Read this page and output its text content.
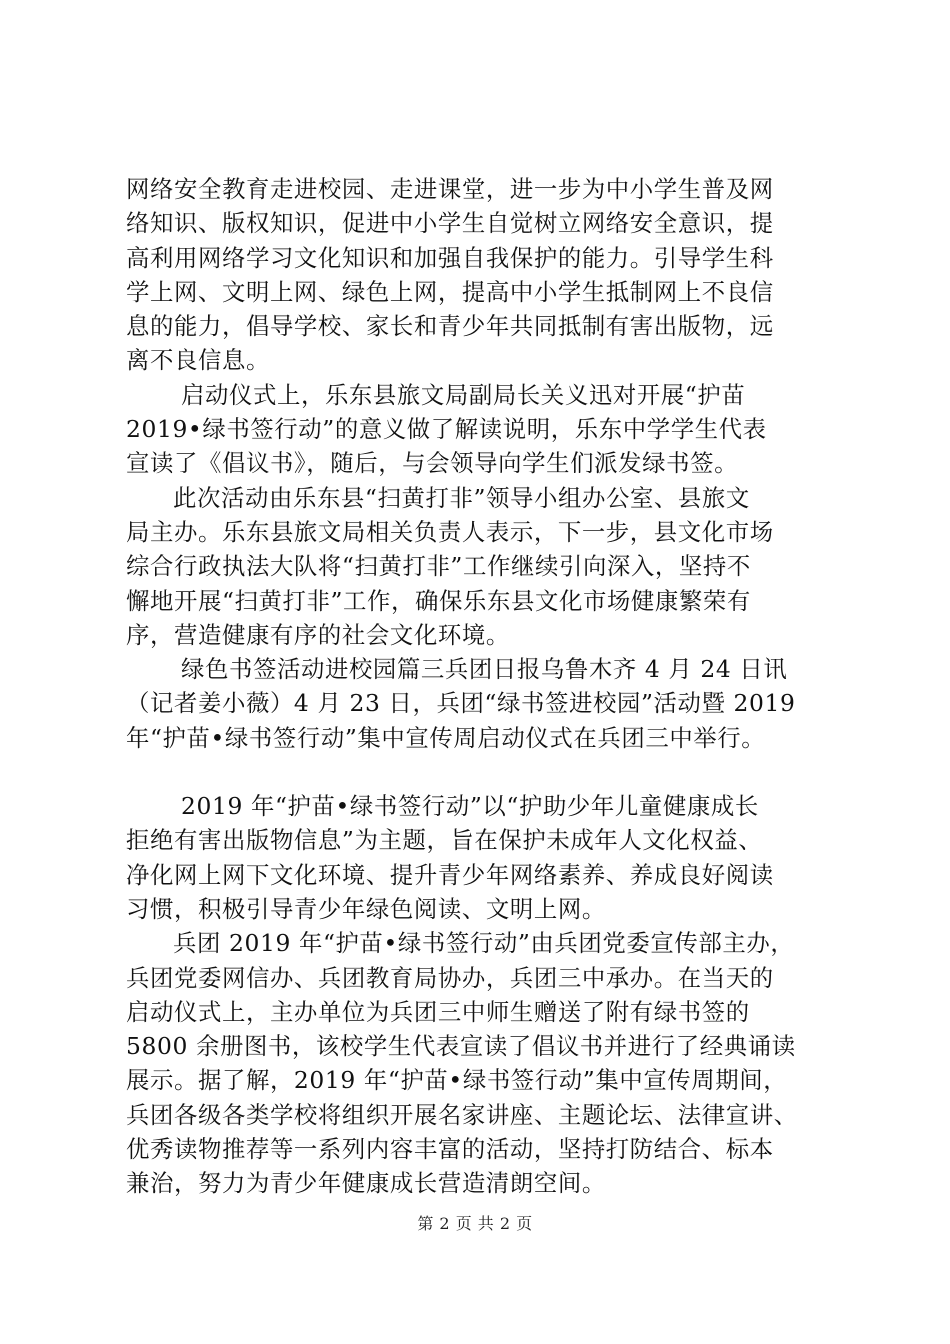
网络安全教育走进校园、走进课堂，进一步为中小学生普及网
络知识、版权知识，促进中小学生自觉树立网络安全意识，提
高利用网络学习文化知识和加强自我保护的能力。引导学生科
学上网、文明上网、绿色上网，提高中小学生抵制网上不良信
息的能力，倡导学校、家长和青少年共同抵制有害出版物，远
离不良信息。

启动仪式上，乐东县旅文局副局长关义迅对开展“护苗
2019•绿书签行动”的意义做了解读说明，乐东中学学生代表
宣读了《倡议书》，随后，与会领导向学生们派发绿书签。

此次活动由乐东县“扫黄打非”领导小组办公室、县旅文
局主办。乐东县旅文局相关负责人表示，下一步，县文化市场
综合行政执法大队将“扫黄打非”工作继续引向深入，坚持不
懈地开展“扫黄打非”工作，确保乐东县文化市场健康繁荣有
序，营造健康有序的社会文化环境。

绿色书签活动进校园篇三兵团日报乌鲁木齐 4 月 24 日讯
（记者姜小薇）4 月 23 日，兵团“绿书签进校园”活动暨 2019
年“护苗•绿书签行动”集中宣传周启动仪式在兵团三中举行。

2019 年“护苗•绿书签行动”以“护助少年儿童健康成长
拒绝有害出版物信息”为主题，旨在保护未成年人文化权益、
净化网上网下文化环境、提升青少年网络素养、养成良好阅读
习惯，积极引导青少年绿色阅读、文明上网。

兵团 2019 年“护苗•绿书签行动”由兵团党委宣传部主办，
兵团党委网信办、兵团教育局协办，兵团三中承办。在当天的
启动仪式上，主办单位为兵团三中师生赠送了附有绿书签的
5800 余册图书，该校学生代表宣读了倡议书并进行了经典诵读
展示。据了解，2019 年“护苗•绿书签行动”集中宣传周期间，
兵团各级各类学校将组织开展名家讲座、主题论坛、法律宣讲、
优秀读物推荐等一系列内容丰富的活动，坚持打防结合、标本
兼治，努力为青少年健康成长营造清朗空间。

第 2 页 共 2 页
